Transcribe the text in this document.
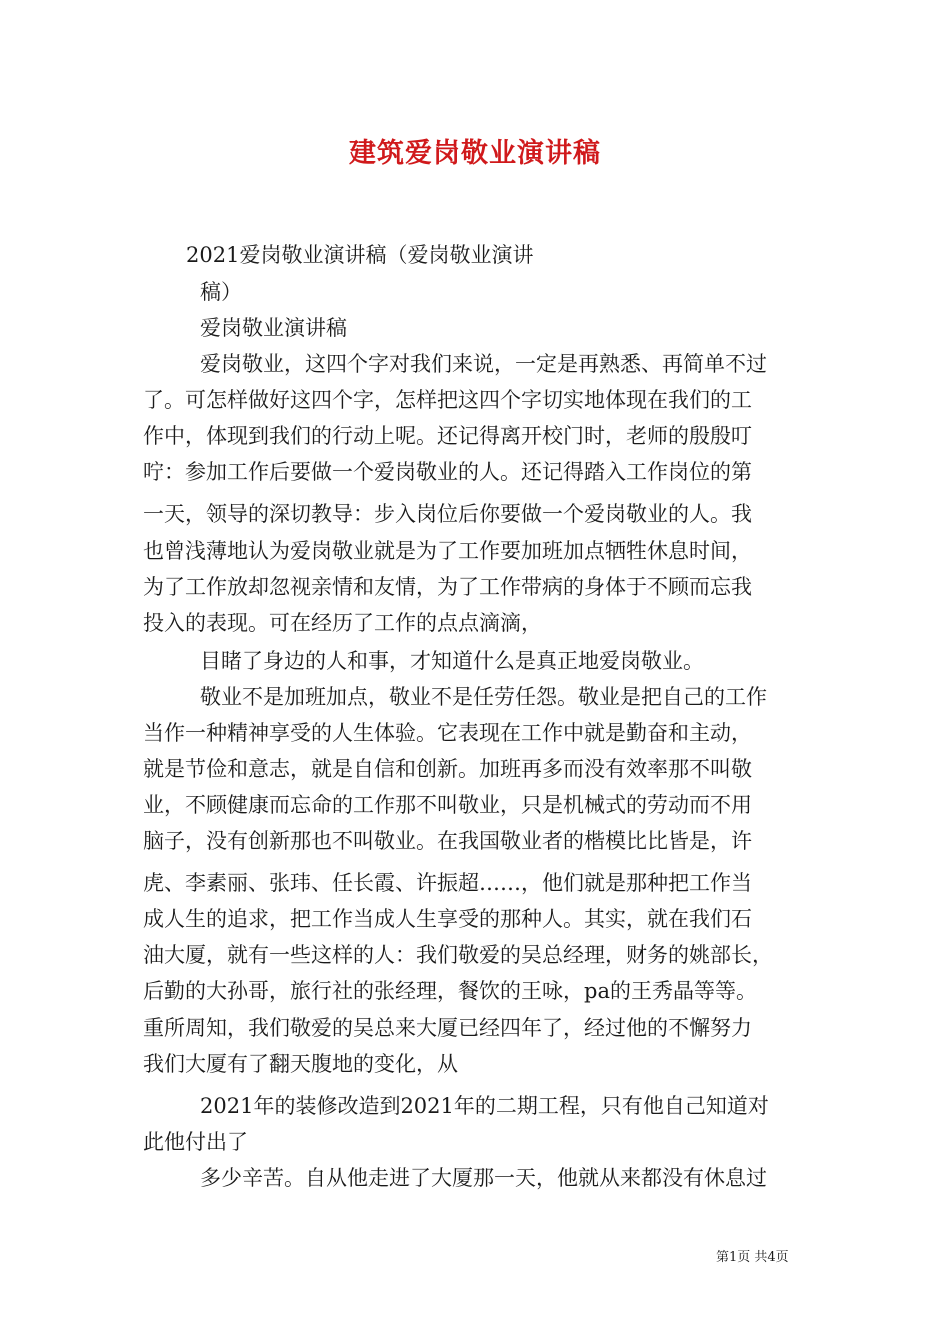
建筑爱岗敬业演讲稿
2021爱岗敬业演讲稿（爱岗敬业演讲
稿）
爱岗敬业演讲稿
爱岗敬业，这四个字对我们来说，一定是再熟悉、再简单不过
了。可怎样做好这四个字，怎样把这四个字切实地体现在我们的工
作中，体现到我们的行动上呢。还记得离开校门时，老师的殷殷叮
咛：参加工作后要做一个爱岗敬业的人。还记得踏入工作岗位的第
一天，领导的深切教导：步入岗位后你要做一个爱岗敬业的人。我
也曾浅薄地认为爱岗敬业就是为了工作要加班加点牺牲休息时间，
为了工作放却忽视亲情和友情，为了工作带病的身体于不顾而忘我
投入的表现。可在经历了工作的点点滴滴，
目睹了身边的人和事，才知道什么是真正地爱岗敬业。
敬业不是加班加点，敬业不是任劳任怨。敬业是把自己的工作
当作一种精神享受的人生体验。它表现在工作中就是勤奋和主动，
就是节俭和意志，就是自信和创新。加班再多而没有效率那不叫敬
业，不顾健康而忘命的工作那不叫敬业，只是机械式的劳动而不用
脑子，没有创新那也不叫敬业。在我国敬业者的楷模比比皆是，许
虎、李素丽、张玮、任长霞、许振超……，他们就是那种把工作当
成人生的追求，把工作当成人生享受的那种人。其实，就在我们石
油大厦，就有一些这样的人：我们敬爱的吴总经理，财务的姚部长，
后勤的大孙哥，旅行社的张经理，餐饮的王咏，pa的王秀晶等等。
重所周知，我们敬爱的吴总来大厦已经四年了，经过他的不懈努力
我们大厦有了翻天腹地的变化，从
2021年的装修改造到2021年的二期工程，只有他自己知道对
此他付出了
多少辛苦。自从他走进了大厦那一天，他就从来都没有休息过
第1页 共4页
